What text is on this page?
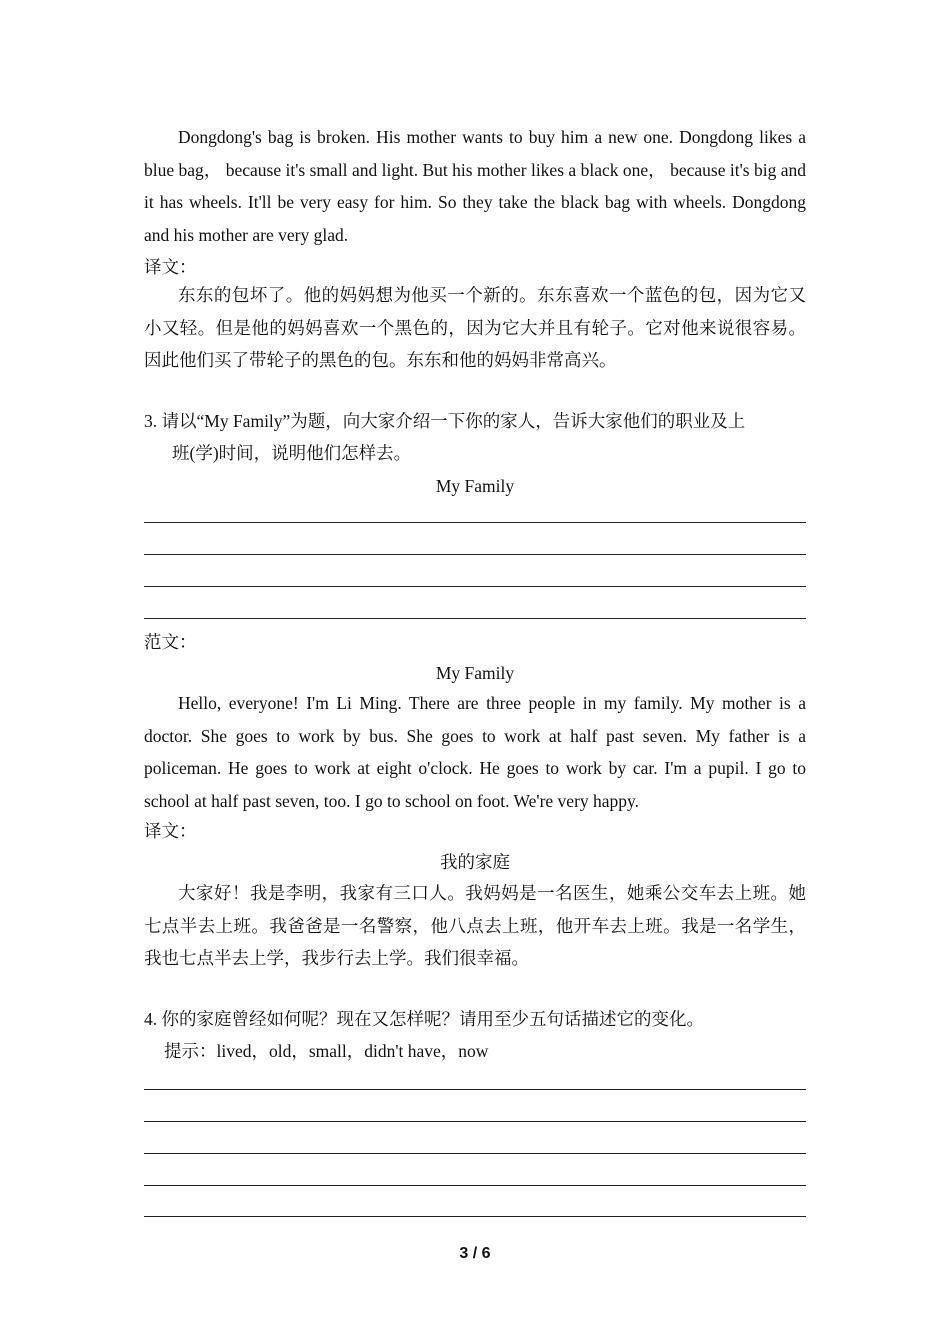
Dongdong's bag is broken. His mother wants to buy him a new one. Dongdong likes a blue bag， because it's small and light. But his mother likes a black one， because it's big and it has wheels. It'll be very easy for him. So they take the black bag with wheels. Dongdong and his mother are very glad.

译文：

东东的包坏了。他的妈妈想为他买一个新的。东东喜欢一个蓝色的包，因为它又小又轻。但是他的妈妈喜欢一个黑色的，因为它大并且有轮子。它对他来说很容易。因此他们买了带轮子的黑色的包。东东和他的妈妈非常高兴。

3. 请以“My Family”为题，向大家介绍一下你的家人，告诉大家他们的职业及上
班(学)时间，说明他们怎样去。

My Family

范文：

My Family

Hello, everyone! I'm Li Ming. There are three people in my family. My mother is a doctor. She goes to work by bus. She goes to work at half past seven. My father is a policeman. He goes to work at eight o'clock. He goes to work by car. I'm a pupil. I go to school at half past seven, too. I go to school on foot. We're very happy.

译文：

我的家庭

大家好！我是李明，我家有三口人。我妈妈是一名医生，她乘公交车去上班。她七点半去上班。我爸爸是一名警察，他八点去上班，他开车去上班。我是一名学生，我也七点半去上学，我步行去上学。我们很幸福。

4. 你的家庭曾经如何呢？现在又怎样呢？请用至少五句话描述它的变化。

提示：lived，old，small，didn't have，now

3 / 6
